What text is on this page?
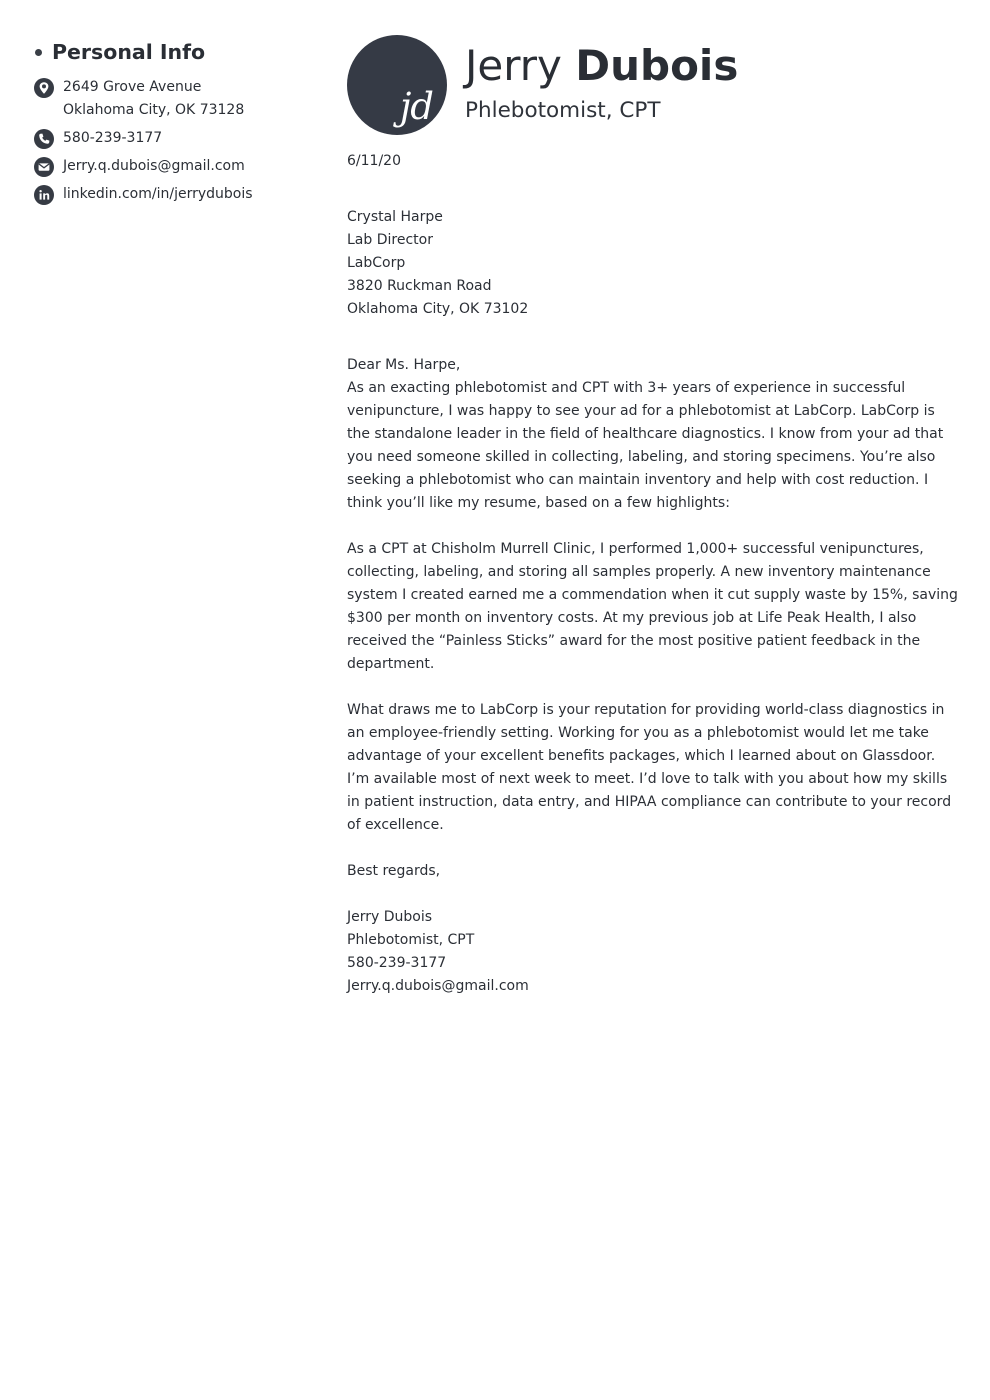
Personal Info
2649 Grove Avenue
Oklahoma City, OK 73128
580-239-3177
Jerry.q.dubois@gmail.com
linkedin.com/in/jerrydubois
jd
Jerry Dubois
Phlebotomist, CPT

6/11/20

Crystal Harpe
Lab Director
LabCorp
3820 Ruckman Road
Oklahoma City, OK 73102

Dear Ms. Harpe,

As an exacting phlebotomist and CPT with 3+ years of experience in successful venipuncture, I was happy to see your ad for a phlebotomist at LabCorp. LabCorp is the standalone leader in the field of healthcare diagnostics. I know from your ad that you need someone skilled in collecting, labeling, and storing specimens. You’re also seeking a phlebotomist who can maintain inventory and help with cost reduction. I think you’ll like my resume, based on a few highlights:

As a CPT at Chisholm Murrell Clinic, I performed 1,000+ successful venipunctures, collecting, labeling, and storing all samples properly. A new inventory maintenance system I created earned me a commendation when it cut supply waste by 15%, saving $300 per month on inventory costs. At my previous job at Life Peak Health, I also received the “Painless Sticks” award for the most positive patient feedback in the department.

What draws me to LabCorp is your reputation for providing world-class diagnostics in an employee-friendly setting. Working for you as a phlebotomist would let me take advantage of your excellent benefits packages, which I learned about on Glassdoor. I’m available most of next week to meet. I’d love to talk with you about how my skills in patient instruction, data entry, and HIPAA compliance can contribute to your record of excellence.

Best regards,

Jerry Dubois
Phlebotomist, CPT
580-239-3177
Jerry.q.dubois@gmail.com
